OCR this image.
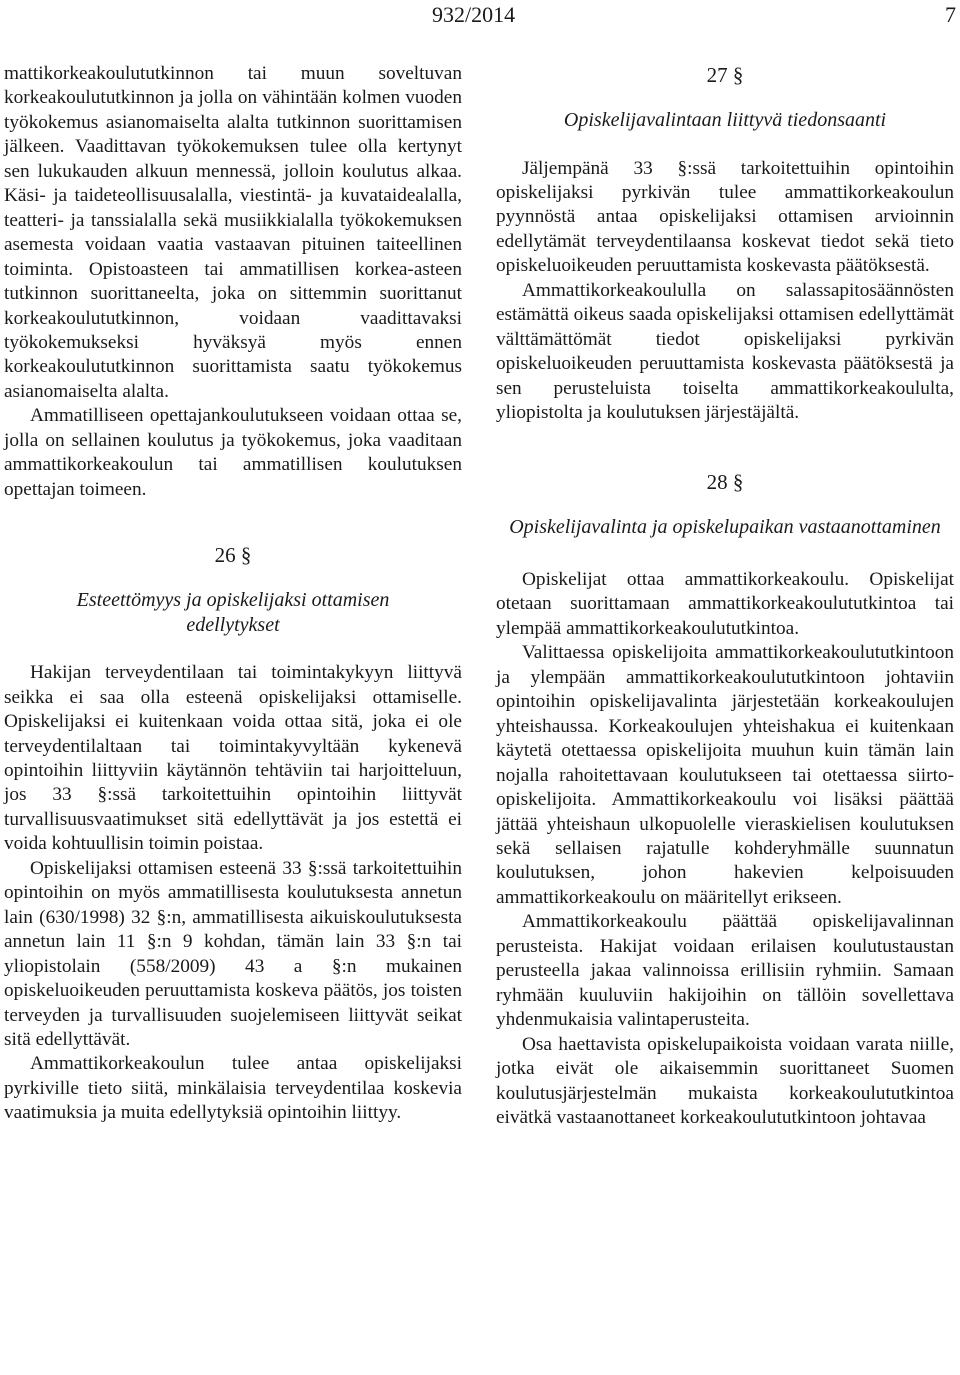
932/2014	7

mattikorkeakoulututkinnon tai muun soveltuvan korkeakoulututkinnon ja jolla on vähintään kolmen vuoden työkokemus asianomaiselta alalta tutkinnon suorittamisen jälkeen. Vaadittavan työkokemuksen tulee olla kertynyt sen lukukauden alkuun mennessä, jolloin koulutus alkaa. Käsi- ja taideteollisuusalalla, viestintä- ja kuvataidealalla, teatteri- ja tanssialalla sekä musiikkialalla työkokemuksen asemesta voidaan vaatia vastaavan pituinen taiteellinen toiminta. Opistoasteen tai ammatillisen korkea-asteen tutkinnon suorittaneelta, joka on sittemmin suorittanut korkeakoulututkinnon, voidaan vaadittavaksi työkokemukseksi hyväksyä myös ennen korkeakoulututkinnon suorittamista saatu työkokemus asianomaiselta alalta.

Ammatilliseen opettajankoulutukseen voidaan ottaa se, jolla on sellainen koulutus ja työkokemus, joka vaaditaan ammattikorkeakoulun tai ammatillisen koulutuksen opettajan toimeen.

26 §

Esteettömyys ja opiskelijaksi ottamisen edellytykset

Hakijan terveydentilaan tai toimintakykyyn liittyvä seikka ei saa olla esteenä opiskelijaksi ottamiselle. Opiskelijaksi ei kuitenkaan voida ottaa sitä, joka ei ole terveydentilaltaan tai toimintakyvyltään kykenevä opintoihin liittyviin käytännön tehtäviin tai harjoitteluun, jos 33 §:ssä tarkoitettuihin opintoihin liittyvät turvallisuusvaatimukset sitä edellyttävät ja jos estettä ei voida kohtuullisin toimin poistaa.

Opiskelijaksi ottamisen esteenä 33 §:ssä tarkoitettuihin opintoihin on myös ammatillisesta koulutuksesta annetun lain (630/1998) 32 §:n, ammatillisesta aikuiskoulutuksesta annetun lain 11 §:n 9 kohdan, tämän lain 33 §:n tai yliopistolain (558/2009) 43 a §:n mukainen opiskeluoikeuden peruuttamista koskeva päätös, jos toisten terveyden ja turvallisuuden suojelemiseen liittyvät seikat sitä edellyttävät.

Ammattikorkeakoulun tulee antaa opiskelijaksi pyrkiville tieto siitä, minkälaisia terveydentilaa koskevia vaatimuksia ja muita edellytyksiä opintoihin liittyy.

27 §

Opiskelijavalintaan liittyvä tiedonsaanti

Jäljempänä 33 §:ssä tarkoitettuihin opintoihin opiskelijaksi pyrkivän tulee ammattikorkeakoulun pyynnöstä antaa opiskelijaksi ottamisen arvioinnin edellytämät terveydentilaansa koskevat tiedot sekä tieto opiskeluoikeuden peruuttamista koskevasta päätöksestä.

Ammattikorkeakoululla on salassapitosäännösten estämättä oikeus saada opiskelijaksi ottamisen edellyttämät välttämättömät tiedot opiskelijaksi pyrkivän opiskeluoikeuden peruuttamista koskevasta päätöksestä ja sen perusteluista toiselta ammattikorkeakoululta, yliopistolta ja koulutuksen järjestäjältä.

28 §

Opiskelijavalinta ja opiskelupaikan vastaanottaminen

Opiskelijat ottaa ammattikorkeakoulu. Opiskelijat otetaan suorittamaan ammattikorkeakoulututkintoa tai ylempää ammattikorkeakoulututkintoa.

Valittaessa opiskelijoita ammattikorkeakoulututkintoon ja ylempään ammattikorkeakoulututkintoon johtaviin opintoihin opiskelijavalinta järjestetään korkeakoulujen yhteishaussa. Korkeakoulujen yhteishakua ei kuitenkaan käytetä otettaessa opiskelijoita muuhun kuin tämän lain nojalla rahoitettavaan koulutukseen tai otettaessa siirto-opiskelijoita. Ammattikorkeakoulu voi lisäksi päättää jättää yhteishaun ulkopuolelle vieraskielisen koulutuksen sekä sellaisen rajatulle kohderyhmälle suunnatun koulutuksen, johon hakevien kelpoisuuden ammattikorkeakoulu on määritellyt erikseen.

Ammattikorkeakoulu päättää opiskelijavalinnan perusteista. Hakijat voidaan erilaisen koulutustaustan perusteella jakaa valinnoissa erillisiin ryhmiin. Samaan ryhmään kuuluviin hakijoihin on tällöin sovellettava yhdenmukaisia valintaperusteita.

Osa haettavista opiskelupaikoista voidaan varata niille, jotka eivät ole aikaisemmin suorittaneet Suomen koulutusjärjestelmän mukaista korkeakoulututkintoa eivätkä vastaanottaneet korkeakoulututkintoon johtavaa
